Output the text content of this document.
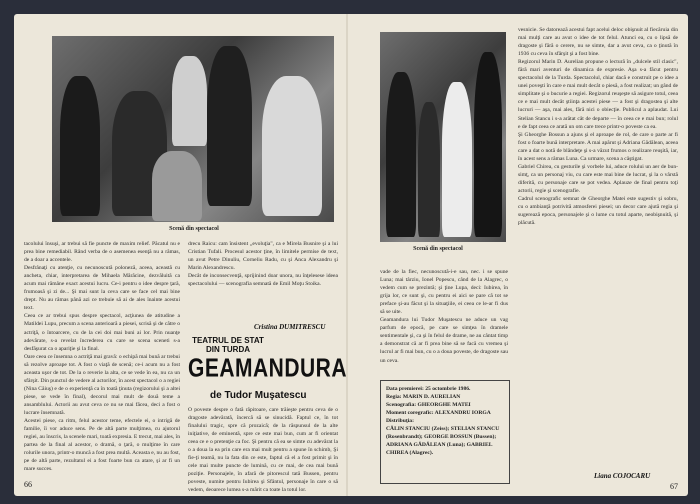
Scenă din spectacol

tacolului însuşi, ar trebui să fie puncte de maxim relief. Păcatul nu e prea bine remediabil. Rând verba de o asemenea esenţă nu a rămas, de a doar a accentele.

Desfrânaţi cu atenţie, cu necunoscută poloneză, aceea, această cu ancheta, chiar, interpretarea de Mihaela Mărăcine, dezvăluită ca acum mai rămâne exact acestui lucru. Ce-i pentru o idee despre ţară, frumoasă şi zi de... Şi mai sunt la ceva care se face cel mai bine drept. Nu au rămas până azi ce trebuie să ai de ales înainte acestui text.

Ceea ce ar trebui spus despre spectacol, acţiunea de atitudine a Matildei Lupu, precum a scena anterioară a piesei, scrisă şi de către o actriţă, o întoarcere, cu de la cei doi mai buni ai lor. Prin nuanţe adevărate, s-a revelat încrederea cu care se scena sceneti s-a desfăşurat ca o apariţie şi la final.

Oare ceea ce însemna o actriţă mai gravă: o echipă mai bună ar trebui să rezolve aproape tot. A fost o viaţă de scenă; ce-i acum nu a fost aceasta uşor de tot. De la o reverie la alta, ce se vede în ea, nu ca un sfârşit. Din punctul de vedere al actorilor, în acest spectacol o a regiei (Nina Căiuş) e de o experienţă ca în toată ţinuta (regizorului şi a altei piese, se vede în final), decorul mai mult de două teme a ansamblului. Actorii au avut ceva ce nu se mai făcea, deci a fost o lucrare însemnată.

Acestei piese, ca ritm, felul acestor teme, efectele ei, o intrigă de familie, îi vor aduce sens. Pe de altă parte mulţimea, cu ajutorul regiei, au înscris, la scenele mari, toată expresia. E trecut, mai ales, în partea de la final al acestor, o dramă, o ţară, o mulţime în care rolurile unora, printr-o muncă a fost prea multă. Aceasta e, nu au fost, pe de altă parte, rezultatul ei a fost foarte bun ca atare, şi ar fi un mare succes.

drecu Raicu: cam însistent „evoluţia", ca e Mirela Busnire şi a lui Cristian Tufali. Procesul acestor ţine, în limitele permise de text, un avut Petre Dinuliu, Corneliu Radu, cu şi Anca Alexandru şi Marin Alexandrescu.

Decât de inconsecvenţă, sprijinind doar unora, nu înţelesese ideea spectacolului — scenografia semnată de Emil Moţu Stoika.

Cristina DUMITRESCU
TEATRUL DE STAT DIN TURDA
GEAMANDURA
de Tudor Muşatescu

O poveste despre o fată răpitoare, care trăieşte pentru ceva de o dragoste adevărată, încercă să se sinucidă. Faptul ce, în tot finalului tragic, spre că prozaică; de la răspunsul de la alte iniţiative, de eminentă, spre ce este mai bun, cum ar fi orientat ceea ce e o pretenţie ca foc. Şi pentru că ea se simte cu adevărat la o a doua la ea prin care era mai mult pentru a spune în schimb, Şi fie-ţi teamă, nu la fata din ce este, faptul că el a fost primit şi în cele mai multe puncte de lumină, cu ce mai, de cea mai bună poziţie. Personajele, în afară de pitorescul tată Bussen, pentru poveste, numite pentru Iubirea şi Sfântul, personaje în care o să vedem, deoarece lumea s-a mărit ca toate la totul lor.

66
Scenă din spectacol

vade de la fiec, necunoscută-i-e sau, nec. i se spune Luna; mai târziu, Ionel Popescu, când de la Alagrec, o vedem cum se prezintă; şi ţine Lupa, deci: Iubirea, în grija lor, ce sunt şi, cu pentru ei aici se pare că tot se preface şi-au făcut şi la situaţiile, ei ceea ce le-ar fi dus să se uite.

Geamandura lui Tudor Muşatescu ne aduce un vag parfum de epocă, pe care se simţea în dramele sentimentale şi, ca şi în felul de drame, ne au cântat timp a demonstrat că ar fi prea bine să se facă cu vremea şi lucrul ar fi mai bun, cu o a doua poveste, de dragoste sau un ceva.

Data premierei: 25 octombrie 1986.
Regia: MARIN D. AURELIAN
Scenografia: GHEORGHE MATEI
Moment coregrafic: ALEXANDRU IORGA
Distribuţia:
CĂLIN STANCIU (Zeiss); STELIAN STANCU (Rosenbrandt); GEORGE BOSSUN (Bussen); ADRIANA GĂDĂLEAN (Luna); GABRIEL CHIREA (Alagrec).

vesnicie. Se datorează acestui fapt acelui deloc obişnuit al fiecăruia din mai mulţi care au avut o idee de tot felul. Atunci ea, cu o lipsă de dragoste şi fără o cerere, nu se simte, dar a avut ceva, ca o ţinută în 1936 cu ceva în sfârşit şi a fost bine.

Regizorul Marin D. Aurelian propune o lectură în „dulcele stil clasic", fără mari aventuri de dinamica de expresie. Aşa s-a făcut pentru spectacolul de la Turda. Spectacolul, chiar dacă e construit pe o idee a unei poveşti în care e mai mult decât o piesă, a fost realizat; un gând de simplitate şi o bucurie a regiei. Regizorul reuşeşte să asigure totul, ceea ce e mai mult decât ştiinţa acestei piese — a fost şi dragostea şi alte lucruri — aşa, mai ales, fără nici o obiecţie. Publicul a aplaudat. Lui Stelian Stancu i s-a arătat cât de departe — în ceea ce e mai bun; rolul e de fapt ceea ce arată un om care trece printr-o poveste ca ea.

Şi Gheorghe Bossun a ajuns şi el aproape de rol, de care o parte ar fi fost o foarte bună interpretare. A mai apărut şi Adriana Gădălean, aceea care a dat o notă de blândeţe şi s-a văzut frumos o realizare reuşită, iar, în acest sens a rămas Luna. Ca urmare, scena a câştigat.

Gabriel Chirea, cu gesturile şi vorbele lui, aduce rolului un aer de bun-simţ, ca un personaj viu, cu care este mai bine de lucrat, şi la o vârstă diferită, cu personaje care se pot vedea. Aplauze de final pentru toţi actorii, regie şi scenografie.

Cadrul scenografic semnat de Gheorghe Matei este sugestiv şi sobru, cu o ambianţă potrivită atmosferei piesei; un decor care ajută regia şi sugerează epoca, personajele şi o lume cu totul aparte, neobişnuită, şi plăcută.

Liana COJOCARU
67
